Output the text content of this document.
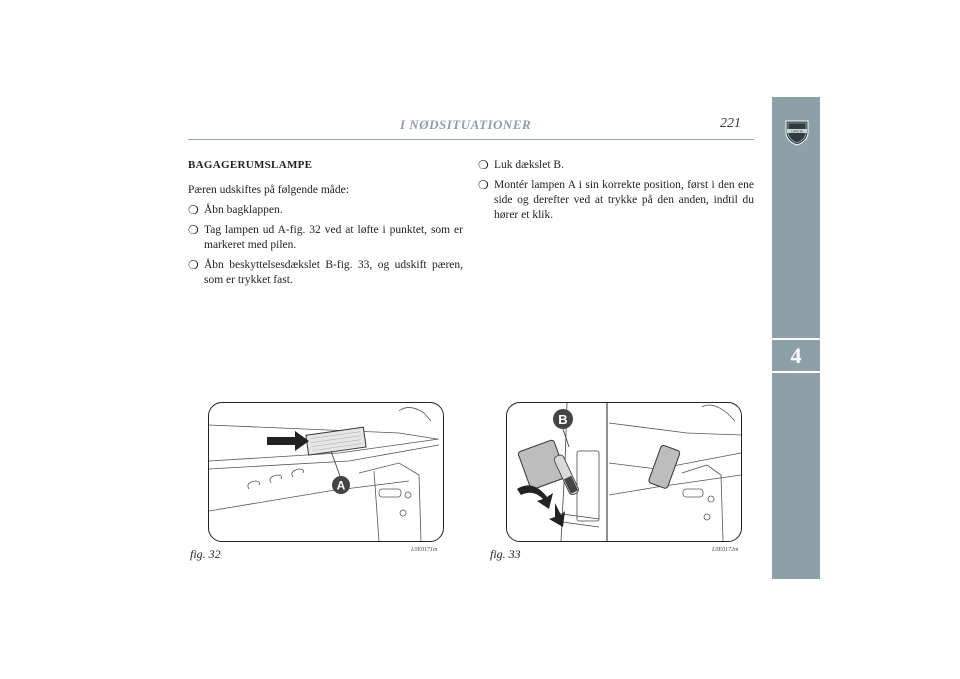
I NØDSITUATIONER	221
LANCIA
4
BAGAGERUMSLAMPE
Pæren udskiftes på følgende måde:
❍ Åbn bagklappen.
❍ Tag lampen ud A-fig. 32 ved at løfte i punktet, som er markeret med pilen.
❍ Åbn beskyttelsesdækslet B-fig. 33, og udskift pæren, som er trykket fast.
❍ Luk dækslet B.
❍ Montér lampen A i sin korrekte position, først i den ene side og derefter ved at trykke på den anden, indtil du hører et klik.
A
fig. 32	L0E0171m
B
fig. 33	L0E0172m
